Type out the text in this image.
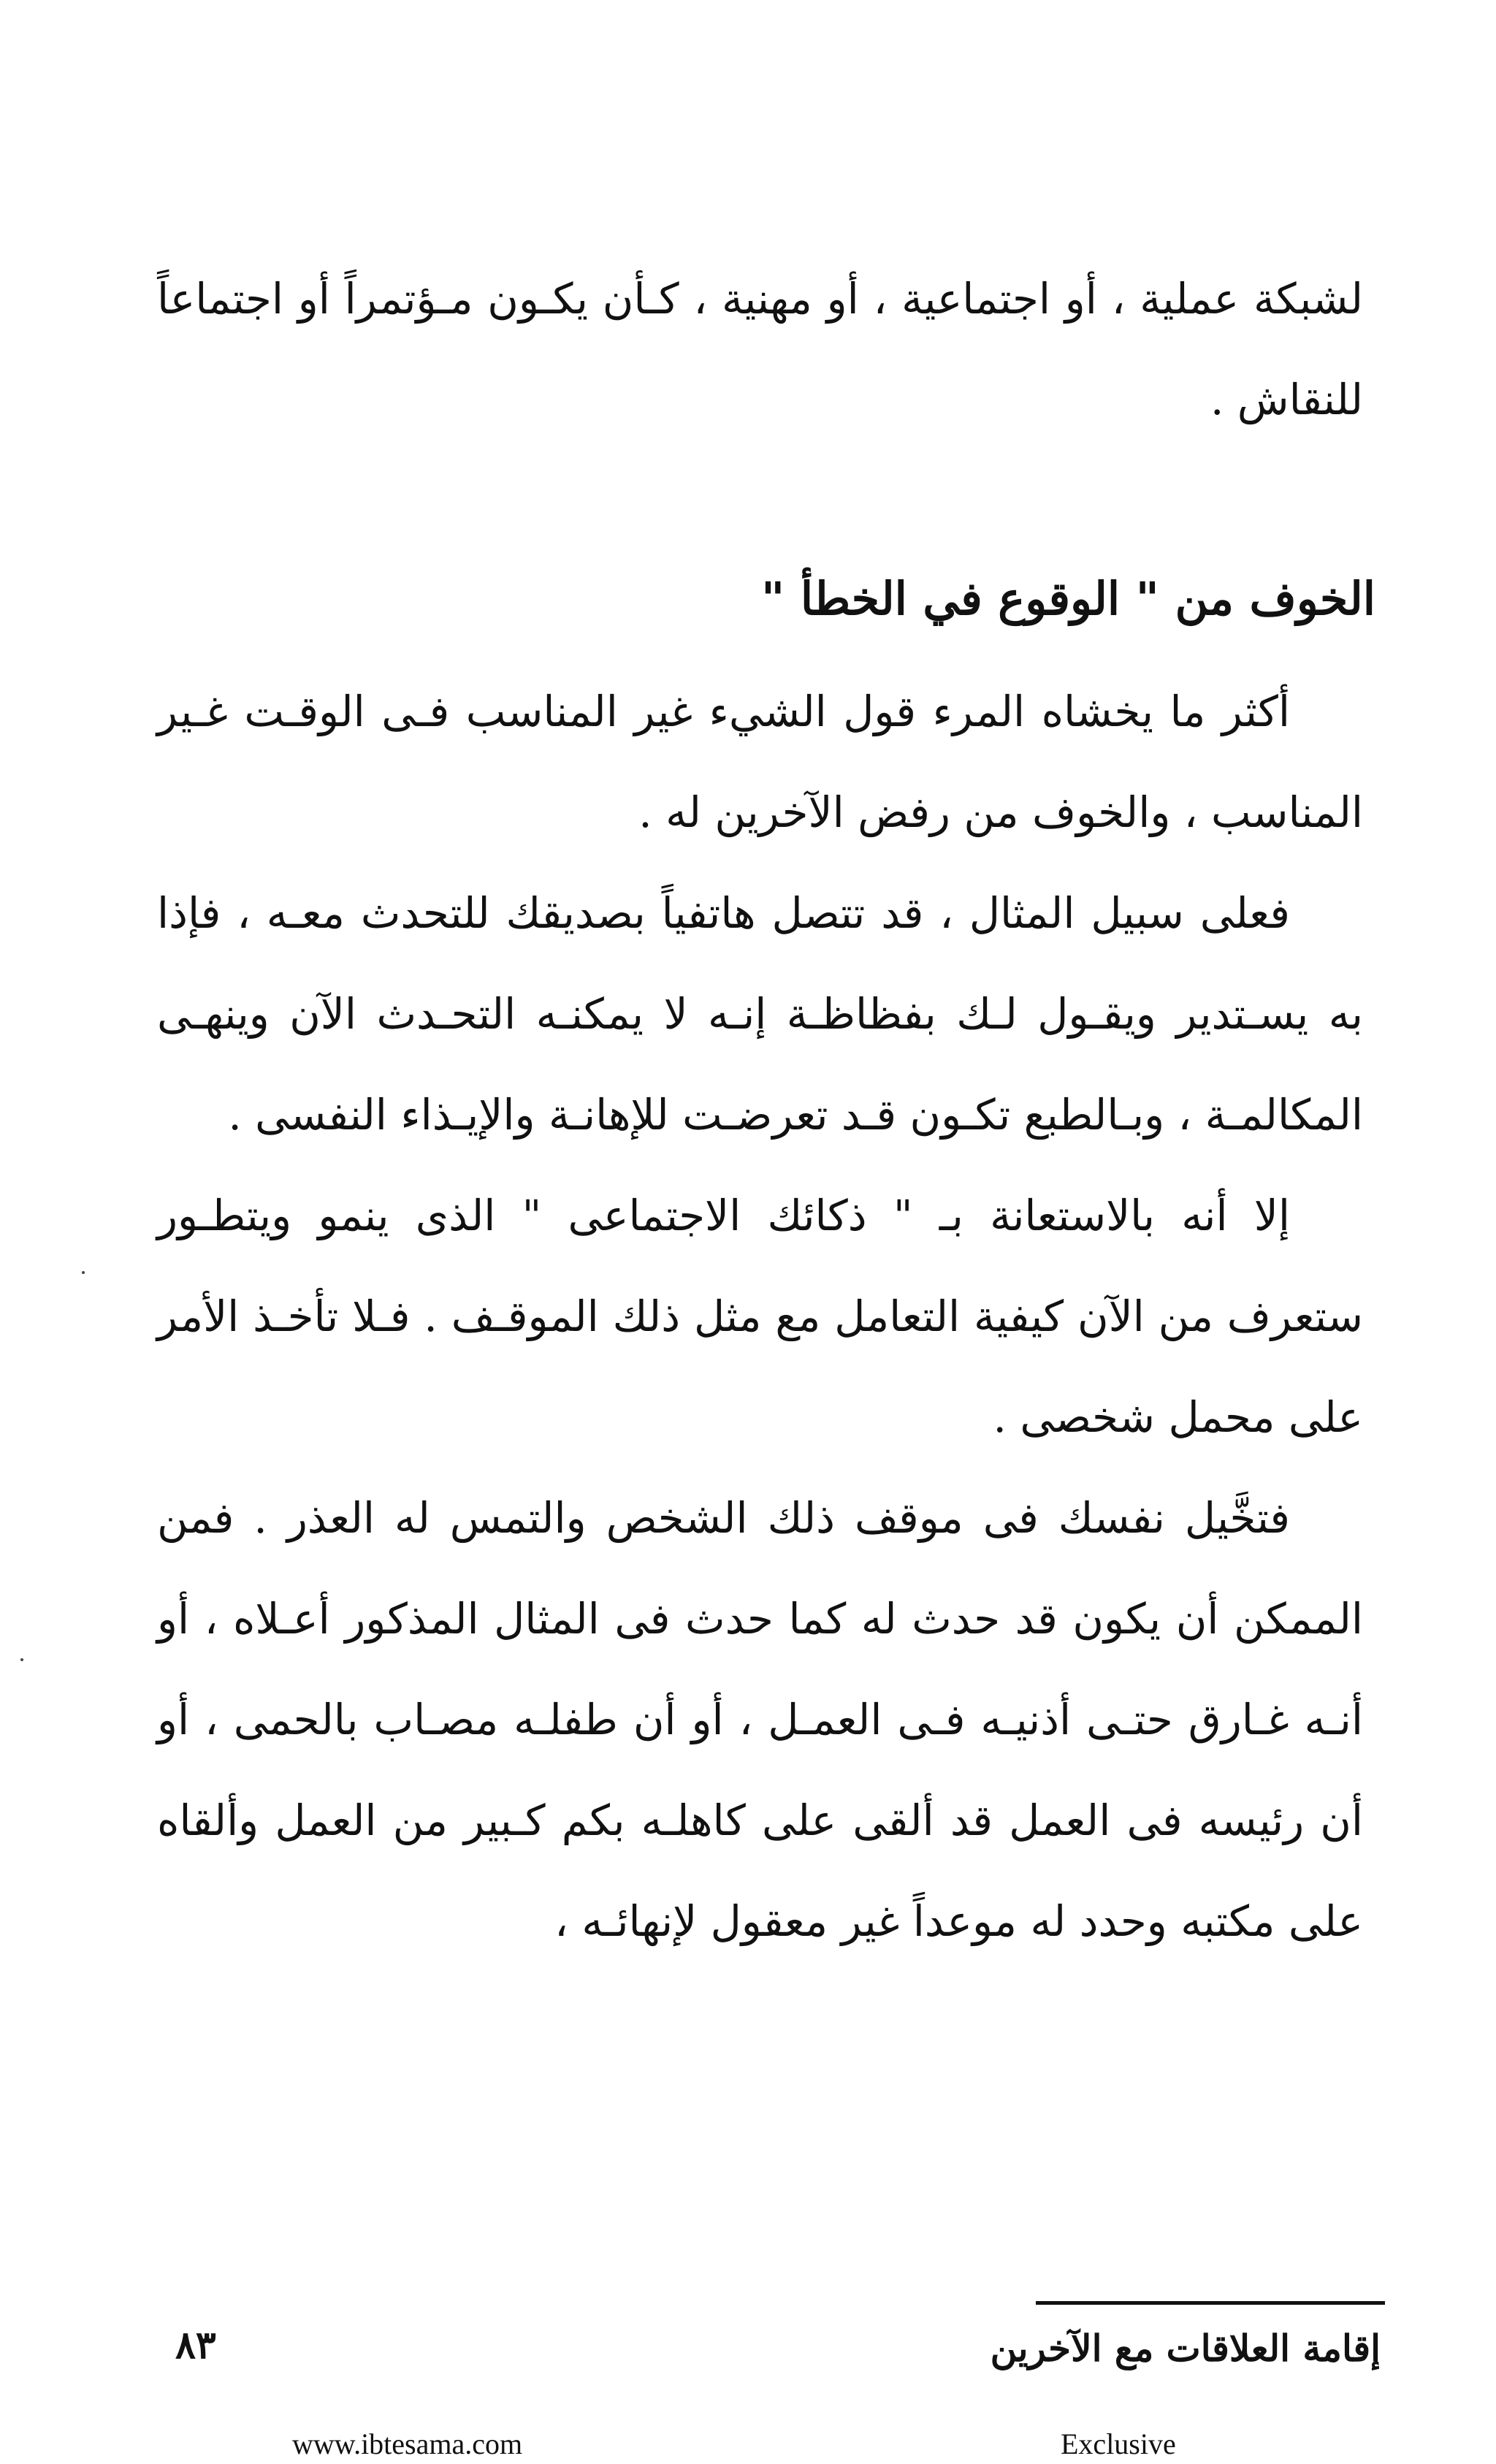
لشبكة عملية ، أو اجتماعية ، أو مهنية ، كـأن يكـون مـؤتمراً أو اجتماعاً للنقاش .

الخوف من " الوقوع في الخطأ "

أكثر ما يخشاه المرء قول الشيء غير المناسب فـى الوقـت غـير المناسب ، والخوف من رفض الآخرين له .

فعلى سبيل المثال ، قد تتصل هاتفياً بصديقك للتحدث معـه ، فإذا به يسـتدير ويقـول لـك بفظاظـة إنـه لا يمكنـه التحـدث الآن وينهـى المكالمـة ، وبـالطبع تكـون قـد تعرضـت للإهانـة والإيـذاء النفسى .

إلا أنه بالاستعانة بـ " ذكائك الاجتماعى " الذى ينمو ويتطـور ستعرف من الآن كيفية التعامل مع مثل ذلك الموقـف . فـلا تأخـذ الأمر على محمل شخصى .

فتخَّيل نفسك فى موقف ذلك الشخص والتمس له العذر . فمن الممكن أن يكون قد حدث له كما حدث فى المثال المذكور أعـلاه ، أو أنـه غـارق حتـى أذنيـه فـى العمـل ، أو أن طفلـه مصـاب بالحمى ، أو أن رئيسه فى العمل قد ألقى على كاهلـه بكم كـبير من العمل وألقاه على مكتبه وحدد له موعداً غير معقول لإنهائـه ،

إقامة العلاقات مع الآخرين
٨٣
www.ibtesama.com	Exclusive
